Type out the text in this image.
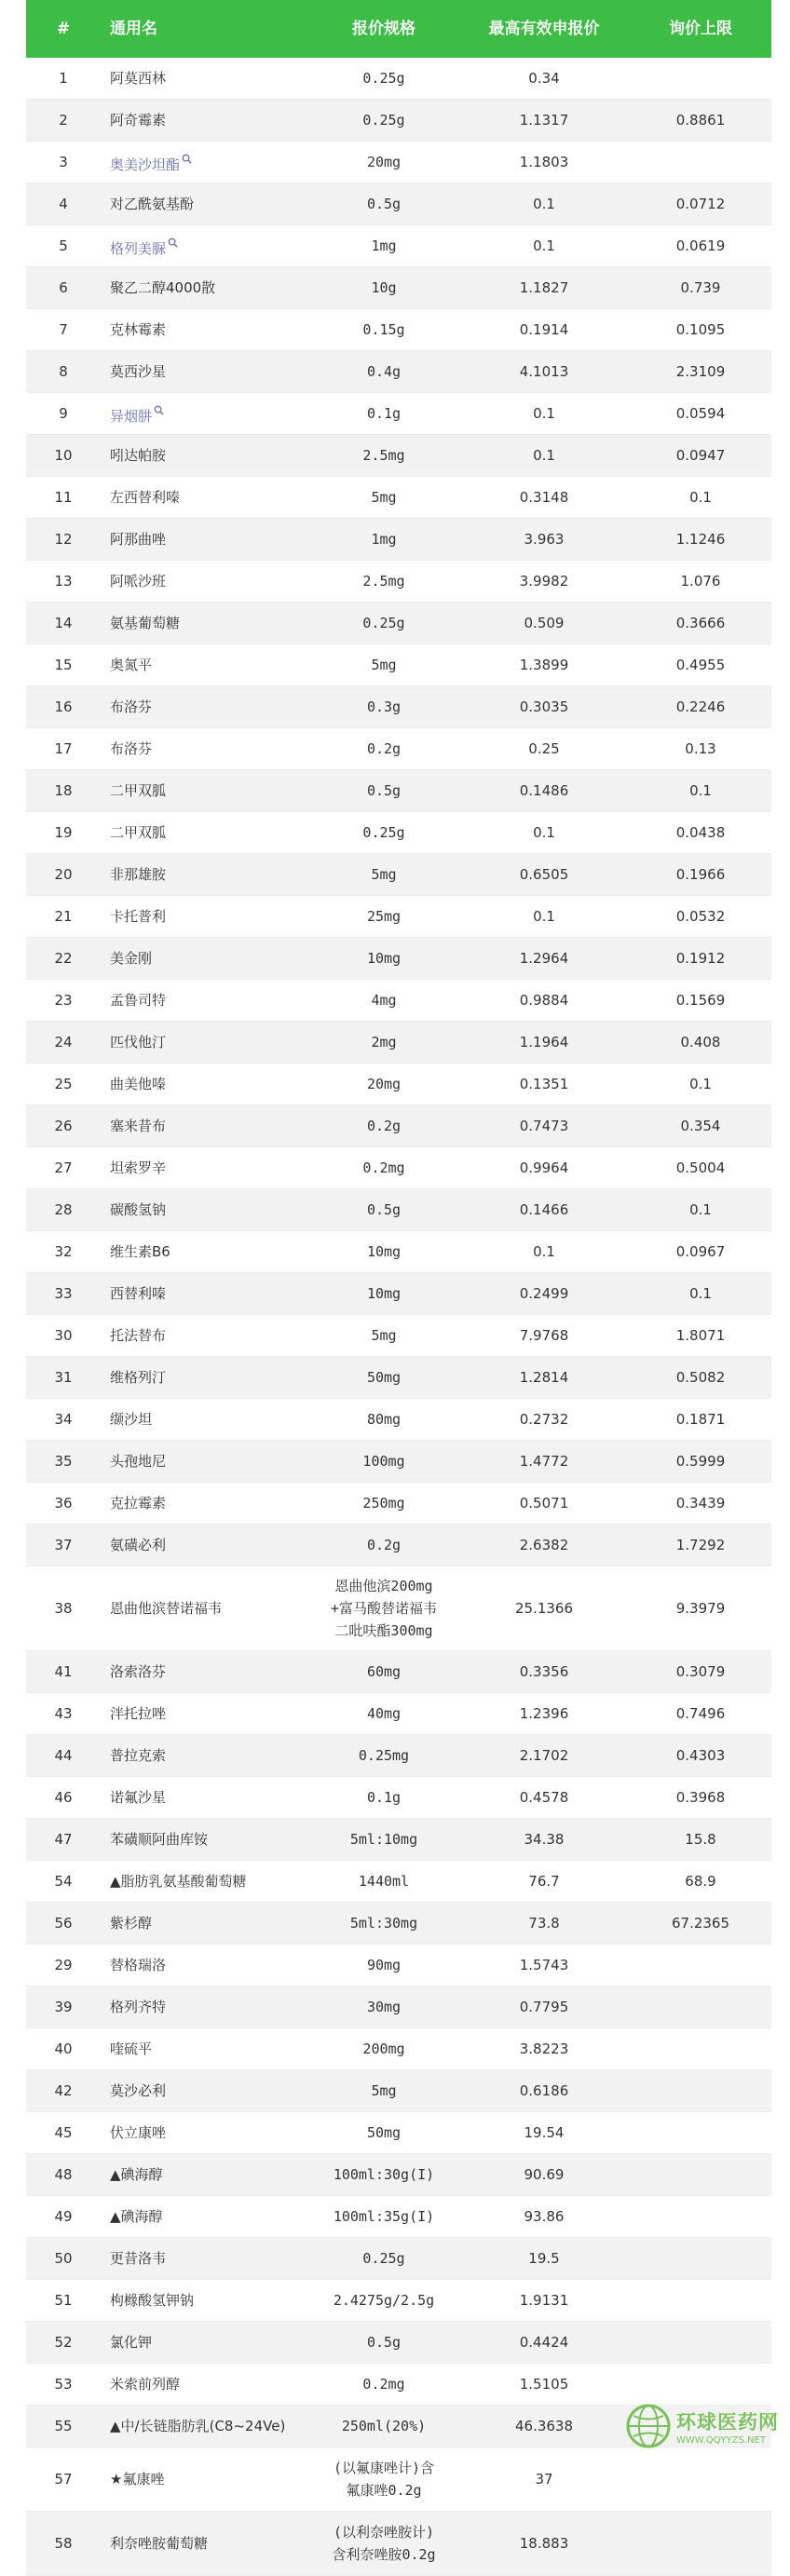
#	通用名	报价规格	最高有效申报价	询价上限
1	阿莫西林	0.25g	0.34	
2	阿奇霉素	0.25g	1.1317	0.8861
3	奥美沙坦酯	20mg	1.1803	
4	对乙酰氨基酚	0.5g	0.1	0.0712
5	格列美脲	1mg	0.1	0.0619
6	聚乙二醇4000散	10g	1.1827	0.739
7	克林霉素	0.15g	0.1914	0.1095
8	莫西沙星	0.4g	4.1013	2.3109
9	异烟肼	0.1g	0.1	0.0594
10	吲达帕胺	2.5mg	0.1	0.0947
11	左西替利嗪	5mg	0.3148	0.1
12	阿那曲唑	1mg	3.963	1.1246
13	阿哌沙班	2.5mg	3.9982	1.076
14	氨基葡萄糖	0.25g	0.509	0.3666
15	奥氮平	5mg	1.3899	0.4955
16	布洛芬	0.3g	0.3035	0.2246
17	布洛芬	0.2g	0.25	0.13
18	二甲双胍	0.5g	0.1486	0.1
19	二甲双胍	0.25g	0.1	0.0438
20	非那雄胺	5mg	0.6505	0.1966
21	卡托普利	25mg	0.1	0.0532
22	美金刚	10mg	1.2964	0.1912
23	孟鲁司特	4mg	0.9884	0.1569
24	匹伐他汀	2mg	1.1964	0.408
25	曲美他嗪	20mg	0.1351	0.1
26	塞来昔布	0.2g	0.7473	0.354
27	坦索罗辛	0.2mg	0.9964	0.5004
28	碳酸氢钠	0.5g	0.1466	0.1
32	维生素B6	10mg	0.1	0.0967
33	西替利嗪	10mg	0.2499	0.1
30	托法替布	5mg	7.9768	1.8071
31	维格列汀	50mg	1.2814	0.5082
34	缬沙坦	80mg	0.2732	0.1871
35	头孢地尼	100mg	1.4772	0.5999
36	克拉霉素	250mg	0.5071	0.3439
37	氨磺必利	0.2g	2.6382	1.7292
38	恩曲他滨替诺福韦	恩曲他滨200mg
+富马酸替诺福韦
二吡呋酯300mg	25.1366	9.3979
41	洛索洛芬	60mg	0.3356	0.3079
43	泮托拉唑	40mg	1.2396	0.7496
44	普拉克索	0.25mg	2.1702	0.4303
46	诺氟沙星	0.1g	0.4578	0.3968
47	苯磺顺阿曲库铵	5ml:10mg	34.38	15.8
54	▲脂肪乳氨基酸葡萄糖	1440ml	76.7	68.9
56	紫杉醇	5ml:30mg	73.8	67.2365
29	替格瑞洛	90mg	1.5743	
39	格列齐特	30mg	0.7795	
40	喹硫平	200mg	3.8223	
42	莫沙必利	5mg	0.6186	
45	伏立康唑	50mg	19.54	
48	▲碘海醇	100ml:30g(I)	90.69	
49	▲碘海醇	100ml:35g(I)	93.86	
50	更昔洛韦	0.25g	19.5	
51	枸橼酸氢钾钠	2.4275g/2.5g	1.9131	
52	氯化钾	0.5g	0.4424	
53	米索前列醇	0.2mg	1.5105	
55	▲中/长链脂肪乳(C8~24Ve)	250ml(20%)	46.3638	
57	★氟康唑	(以氟康唑计)含
氟康唑0.2g	37	
58	利奈唑胺葡萄糖	(以利奈唑胺计)
含利奈唑胺0.2g	18.883	
环球医药网
WWW.QQYYZS.NET
